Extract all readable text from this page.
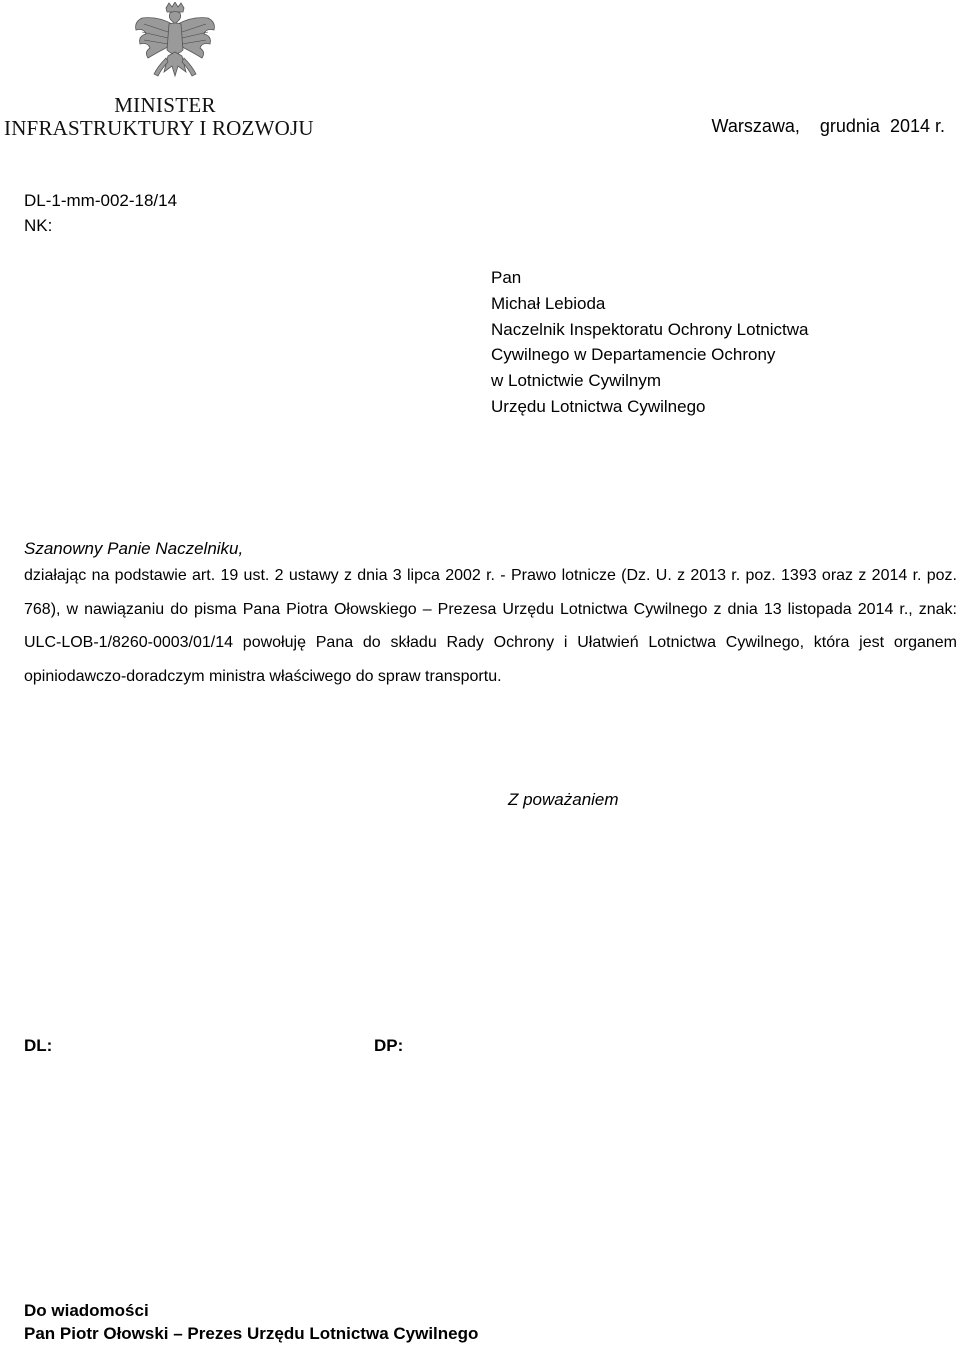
MINISTER
INFRASTRUKTURY I ROZWOJU	Warszawa,    grudnia  2014 r.
DL-1-mm-002-18/14
NK:
Pan
Michał Lebioda
Naczelnik Inspektoratu Ochrony Lotnictwa
Cywilnego w Departamencie Ochrony
w Lotnictwie Cywilnym
Urzędu Lotnictwa Cywilnego
Szanowny Panie Naczelniku,
działając na podstawie art. 19 ust. 2 ustawy z dnia 3 lipca 2002 r. - Prawo lotnicze (Dz. U. z 2013 r. poz. 1393 oraz z 2014 r. poz. 768), w nawiązaniu do pisma Pana Piotra Ołowskiego – Prezesa Urzędu Lotnictwa Cywilnego z dnia 13 listopada 2014 r., znak: ULC-LOB-1/8260-0003/01/14 powołuję Pana do składu Rady Ochrony i Ułatwień Lotnictwa Cywilnego, która jest organem opiniodawczo-doradczym ministra właściwego do spraw transportu.
Z poważaniem
DL:	DP:
Do wiadomości
Pan Piotr Ołowski – Prezes Urzędu Lotnictwa Cywilnego
